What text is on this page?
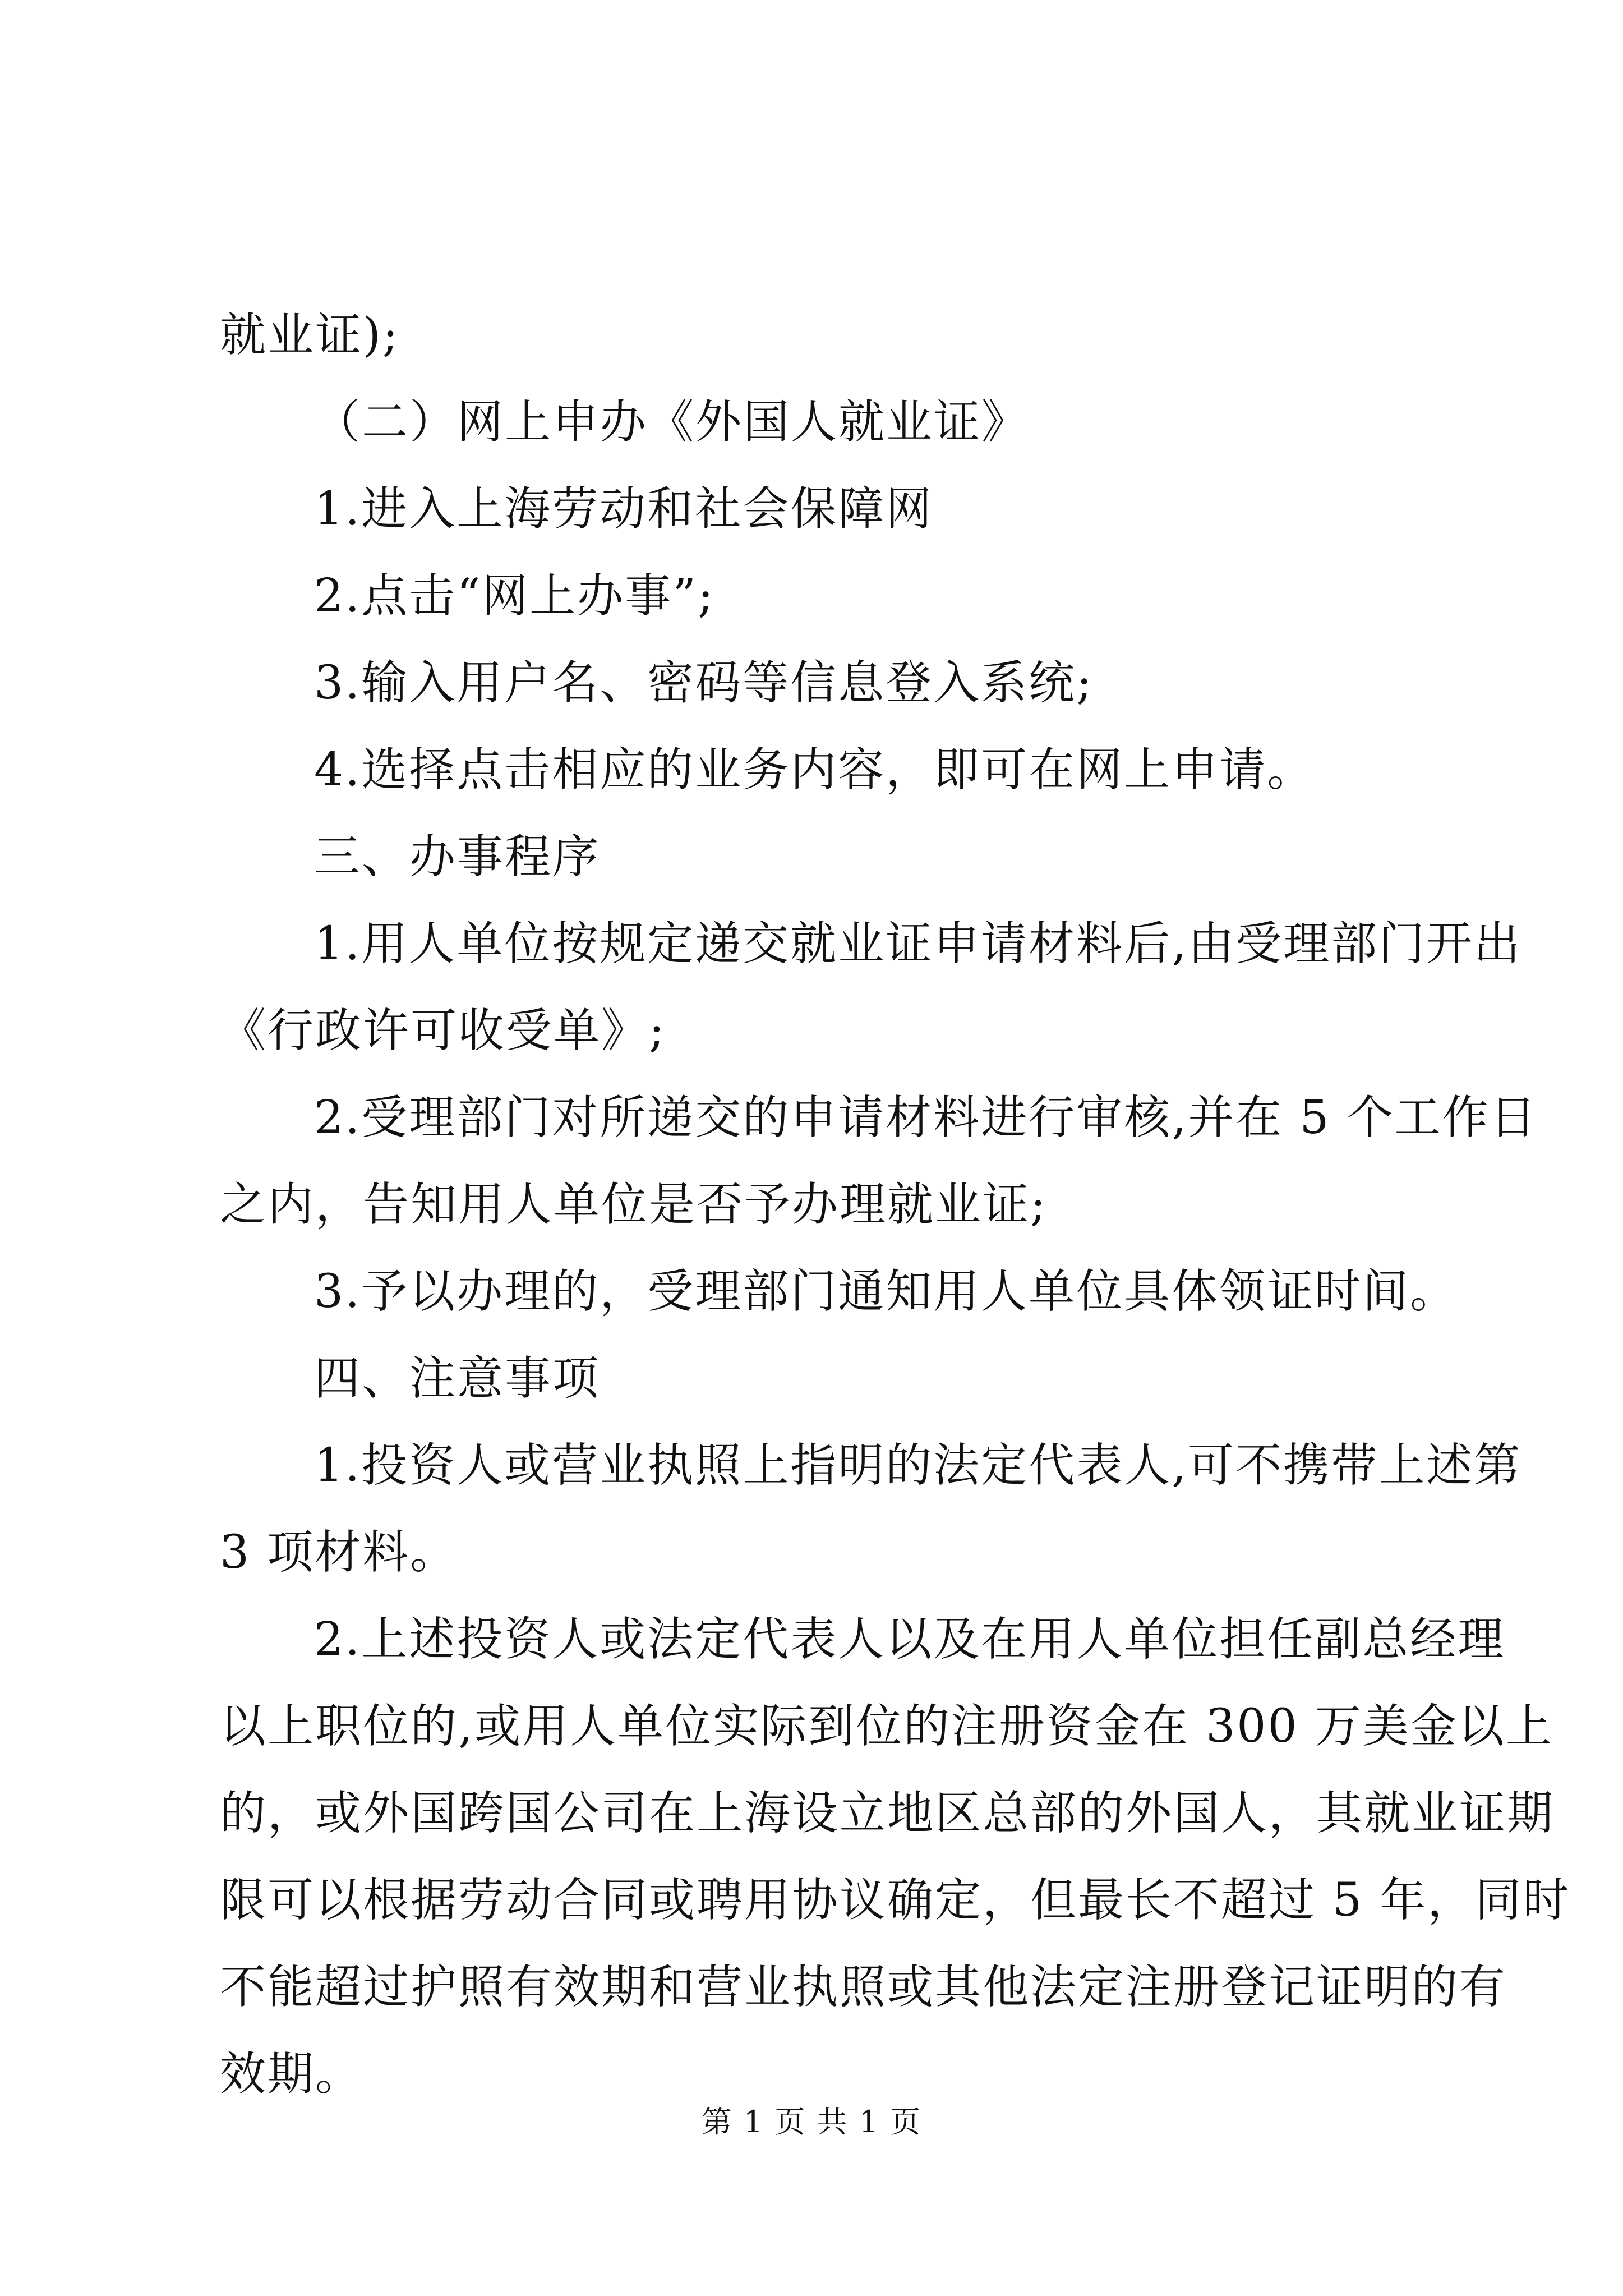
就业证);
（二）网上申办《外国人就业证》
1.进入上海劳动和社会保障网
2.点击“网上办事”;
3.输入用户名、密码等信息登入系统;
4.选择点击相应的业务内容，即可在网上申请。
三、办事程序
1.用人单位按规定递交就业证申请材料后,由受理部门开出
《行政许可收受单》;
2.受理部门对所递交的申请材料进行审核,并在 5 个工作日
之内，告知用人单位是否予办理就业证;
3.予以办理的，受理部门通知用人单位具体领证时间。
四、注意事项
1.投资人或营业执照上指明的法定代表人,可不携带上述第
3 项材料。
2.上述投资人或法定代表人以及在用人单位担任副总经理
以上职位的,或用人单位实际到位的注册资金在 300 万美金以上
的，或外国跨国公司在上海设立地区总部的外国人，其就业证期
限可以根据劳动合同或聘用协议确定，但最长不超过 5 年，同时
不能超过护照有效期和营业执照或其他法定注册登记证明的有
效期。
第 1 页 共 1 页
